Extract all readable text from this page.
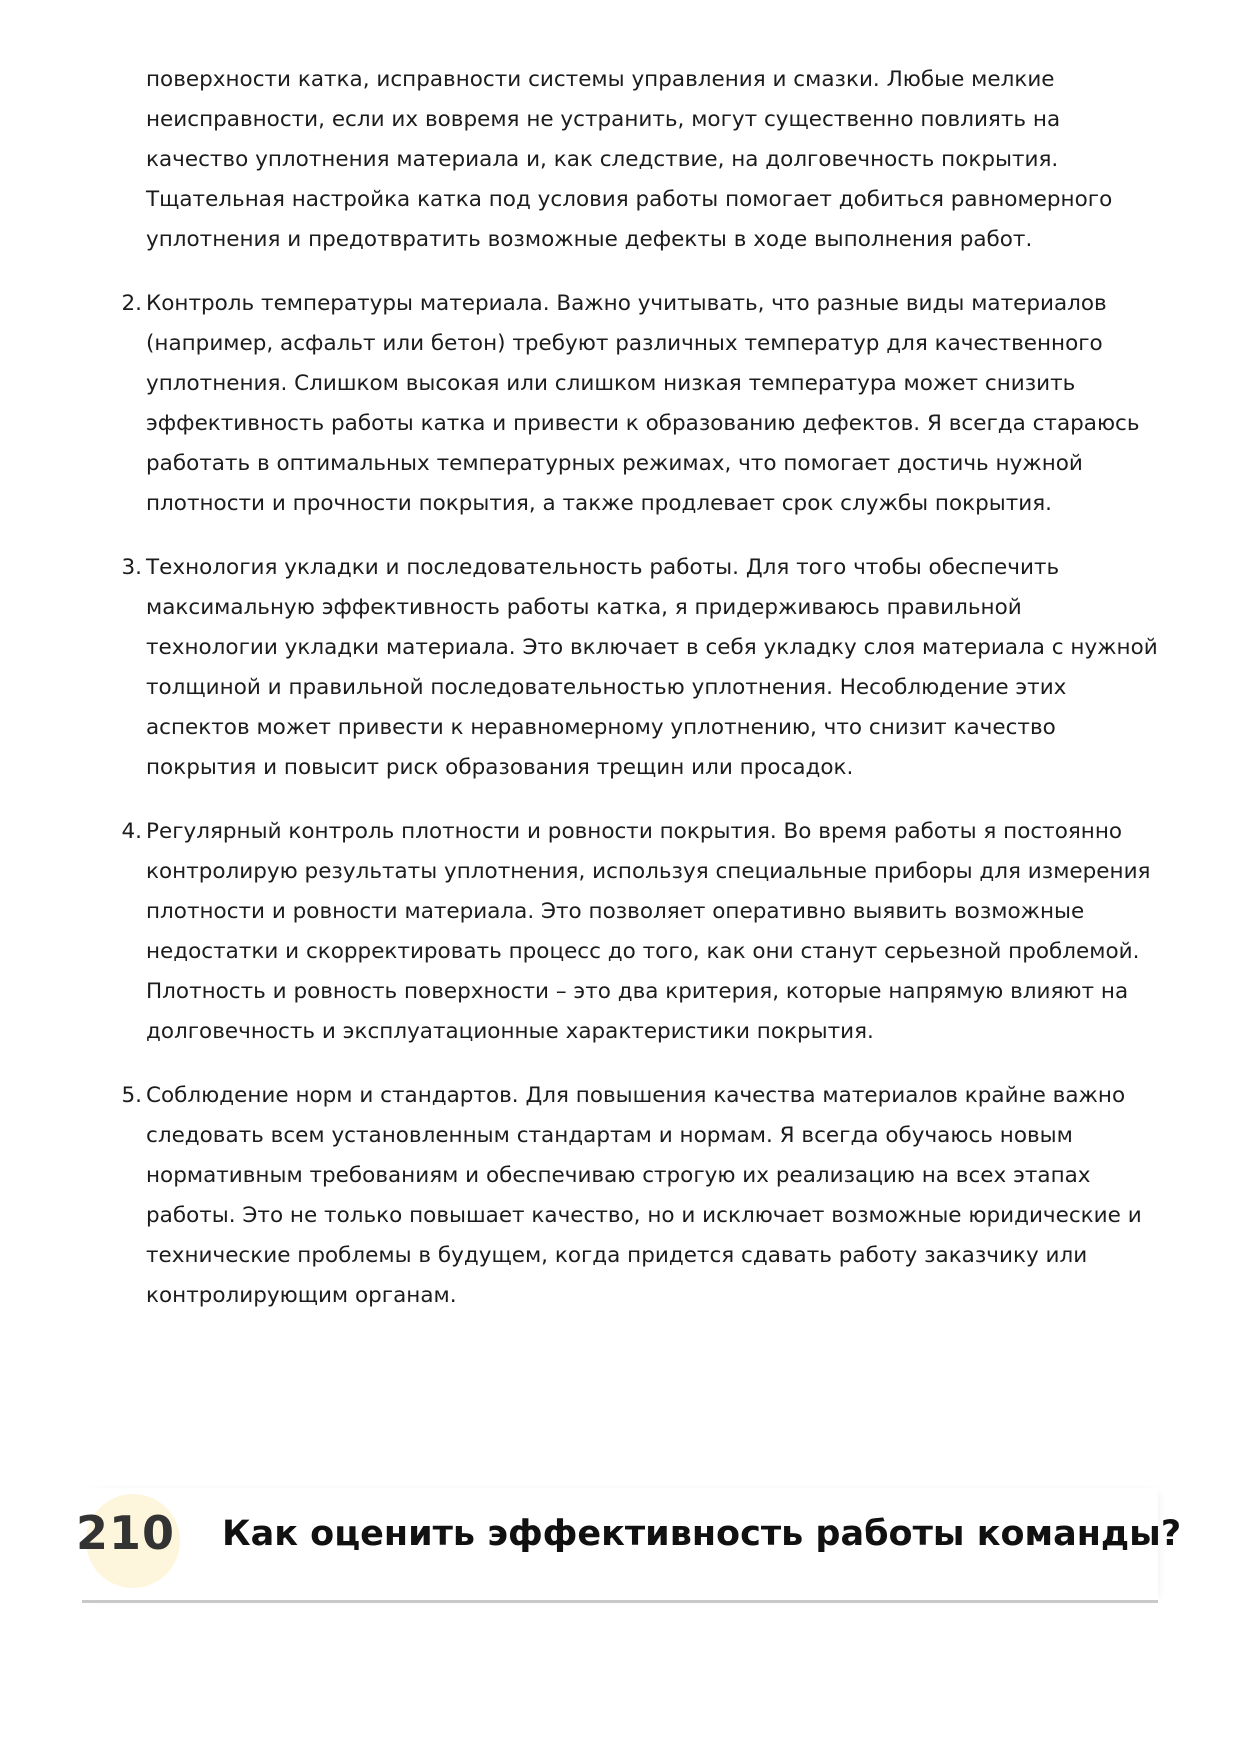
поверхности катка, исправности системы управления и смазки. Любые мелкие
неисправности, если их вовремя не устранить, могут существенно повлиять на
качество уплотнения материала и, как следствие, на долговечность покрытия.
Тщательная настройка катка под условия работы помогает добиться равномерного
уплотнения и предотвратить возможные дефекты в ходе выполнения работ.
2. Контроль температуры материала. Важно учитывать, что разные виды материалов
(например, асфальт или бетон) требуют различных температур для качественного
уплотнения. Слишком высокая или слишком низкая температура может снизить
эффективность работы катка и привести к образованию дефектов. Я всегда стараюсь
работать в оптимальных температурных режимах, что помогает достичь нужной
плотности и прочности покрытия, а также продлевает срок службы покрытия.
3. Технология укладки и последовательность работы. Для того чтобы обеспечить
максимальную эффективность работы катка, я придерживаюсь правильной
технологии укладки материала. Это включает в себя укладку слоя материала с нужной
толщиной и правильной последовательностью уплотнения. Несоблюдение этих
аспектов может привести к неравномерному уплотнению, что снизит качество
покрытия и повысит риск образования трещин или просадок.
4. Регулярный контроль плотности и ровности покрытия. Во время работы я постоянно
контролирую результаты уплотнения, используя специальные приборы для измерения
плотности и ровности материала. Это позволяет оперативно выявить возможные
недостатки и скорректировать процесс до того, как они станут серьезной проблемой.
Плотность и ровность поверхности – это два критерия, которые напрямую влияют на
долговечность и эксплуатационные характеристики покрытия.
5. Соблюдение норм и стандартов. Для повышения качества материалов крайне важно
следовать всем установленным стандартам и нормам. Я всегда обучаюсь новым
нормативным требованиям и обеспечиваю строгую их реализацию на всех этапах
работы. Это не только повышает качество, но и исключает возможные юридические и
технические проблемы в будущем, когда придется сдавать работу заказчику или
контролирующим органам.
210 Как оценить эффективность работы команды?
